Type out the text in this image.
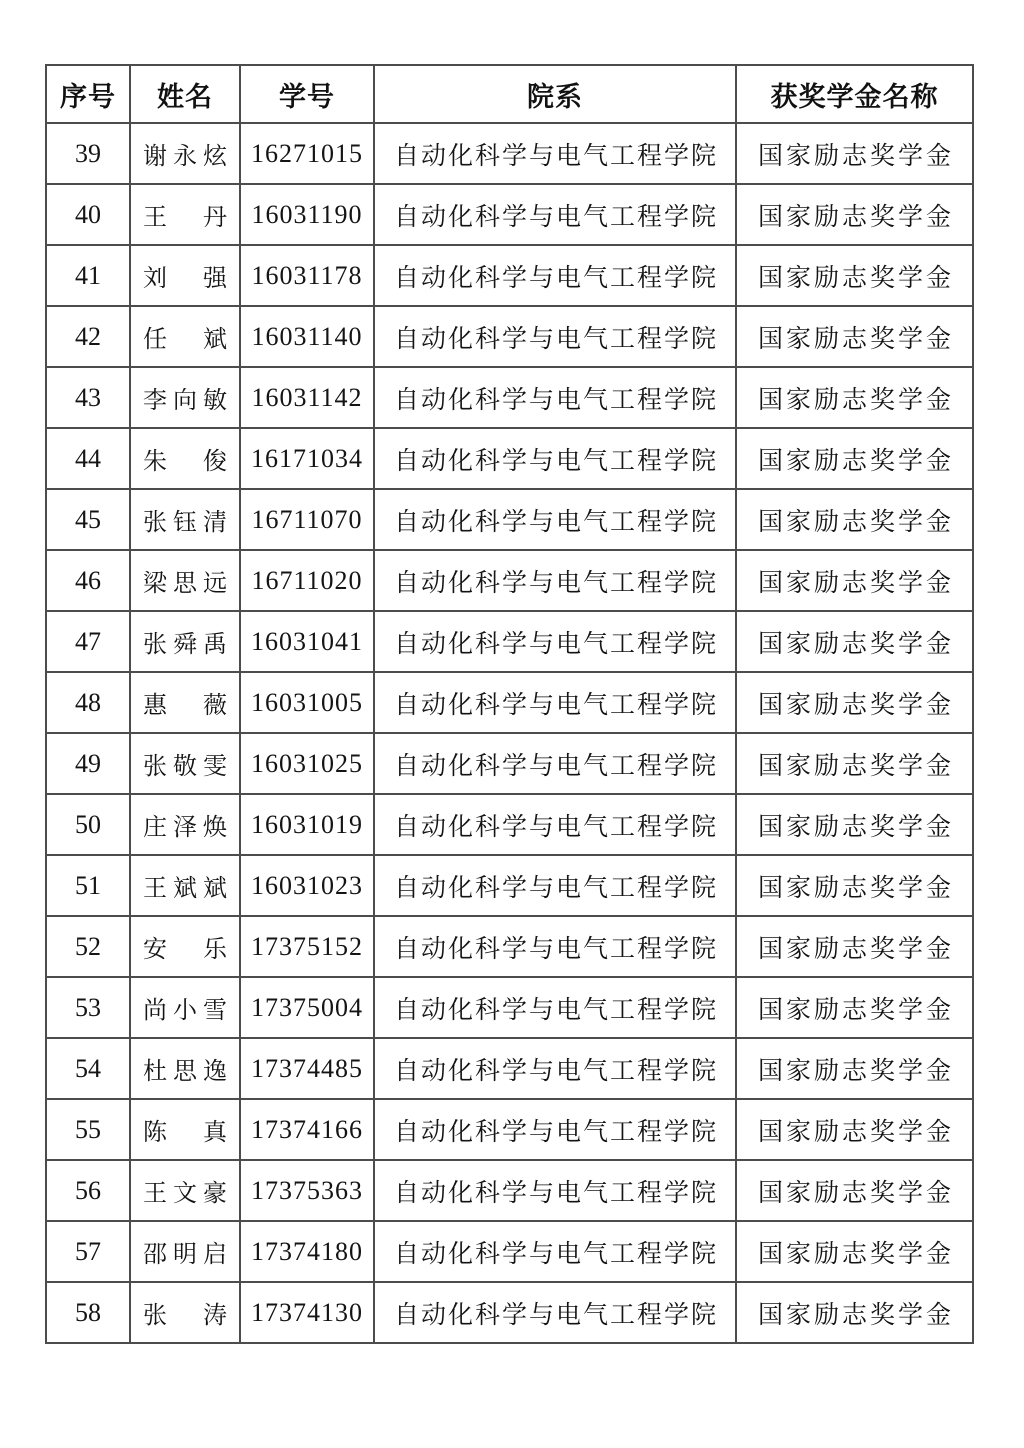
序号	姓名	学号	院系	获奖学金名称
39	谢永炫	16271015	自动化科学与电气工程学院	国家励志奖学金
40	王　丹	16031190	自动化科学与电气工程学院	国家励志奖学金
41	刘　强	16031178	自动化科学与电气工程学院	国家励志奖学金
42	任　斌	16031140	自动化科学与电气工程学院	国家励志奖学金
43	李向敏	16031142	自动化科学与电气工程学院	国家励志奖学金
44	朱　俊	16171034	自动化科学与电气工程学院	国家励志奖学金
45	张钰清	16711070	自动化科学与电气工程学院	国家励志奖学金
46	梁思远	16711020	自动化科学与电气工程学院	国家励志奖学金
47	张舜禹	16031041	自动化科学与电气工程学院	国家励志奖学金
48	惠　薇	16031005	自动化科学与电气工程学院	国家励志奖学金
49	张敬雯	16031025	自动化科学与电气工程学院	国家励志奖学金
50	庄泽焕	16031019	自动化科学与电气工程学院	国家励志奖学金
51	王斌斌	16031023	自动化科学与电气工程学院	国家励志奖学金
52	安　乐	17375152	自动化科学与电气工程学院	国家励志奖学金
53	尚小雪	17375004	自动化科学与电气工程学院	国家励志奖学金
54	杜思逸	17374485	自动化科学与电气工程学院	国家励志奖学金
55	陈　真	17374166	自动化科学与电气工程学院	国家励志奖学金
56	王文豪	17375363	自动化科学与电气工程学院	国家励志奖学金
57	邵明启	17374180	自动化科学与电气工程学院	国家励志奖学金
58	张　涛	17374130	自动化科学与电气工程学院	国家励志奖学金
